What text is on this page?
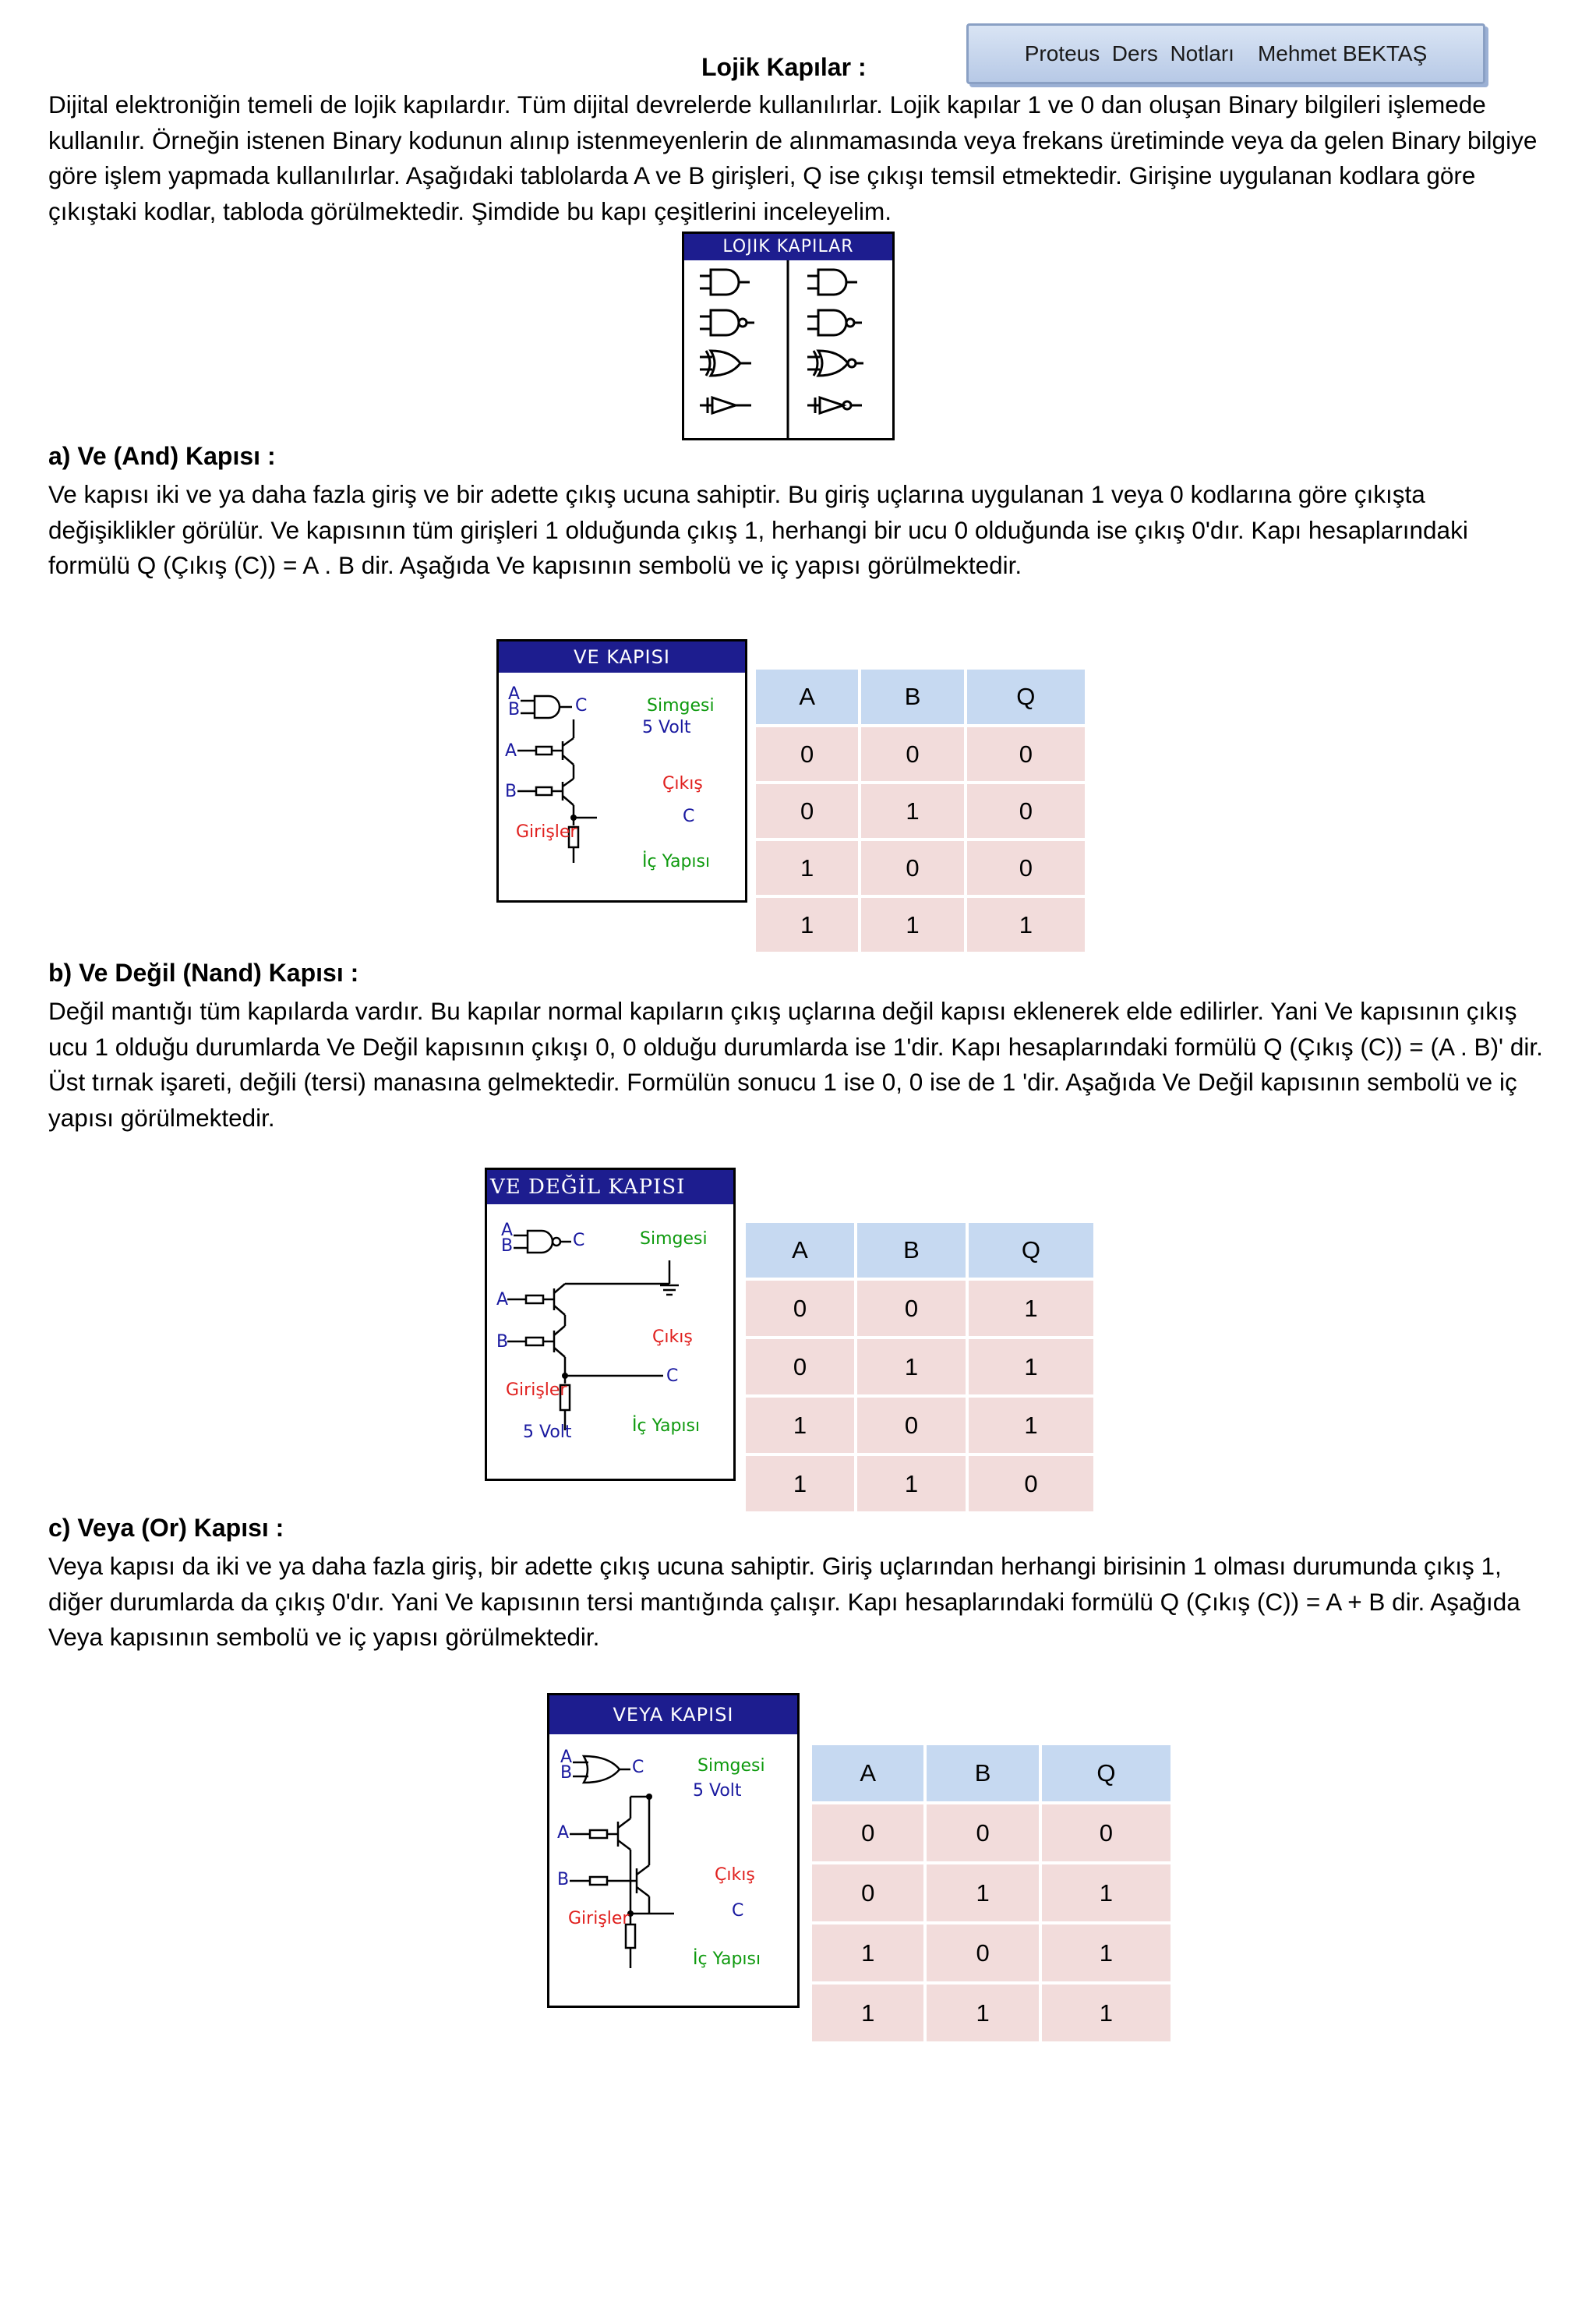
Proteus  Ders  Notları Mehmet BEKTAŞ
Lojik Kapılar :

Dijital elektroniğin temeli de lojik kapılardır. Tüm dijital devrelerde kullanılırlar. Lojik kapılar 1 ve 0 dan oluşan Binary bilgileri işlemede kullanılır. Örneğin istenen Binary kodunun alınıp istenmeyenlerin de alınmamasında veya frekans üretiminde veya da gelen Binary bilgiye göre işlem yapmada kullanılırlar. Aşağıdaki tablolarda A ve B girişleri, Q ise çıkışı temsil etmektedir. Girişine uygulanan kodlara göre çıkıştaki kodlar, tabloda görülmektedir. Şimdide bu kapı çeşitlerini inceleyelim.

LOJIK KAPILAR
a) Ve (And) Kapısı :

Ve kapısı iki ve ya daha fazla giriş ve bir adette çıkış ucuna sahiptir. Bu giriş uçlarına uygulanan 1 veya 0 kodlarına göre çıkışta değişiklikler görülür. Ve kapısının tüm girişleri 1 olduğunda çıkış 1, herhangi bir ucu 0 olduğunda ise çıkış 0'dır. Kapı hesaplarındaki formülü Q (Çıkış (C)) = A . B dir. Aşağıda Ve kapısının sembolü ve iç yapısı görülmektedir.

VE KAPISI
A
B	C	Simgesi
5 Volt
A
B	Çıkış
C
Girişler
İç Yapısı
A	B	Q
0	0	0
0	1	0
1	0	0
1	1	1
b) Ve Değil (Nand) Kapısı :

Değil mantığı tüm kapılarda vardır. Bu kapılar normal kapıların çıkış uçlarına değil kapısı eklenerek elde edilirler. Yani Ve kapısının çıkış ucu 1 olduğu durumlarda Ve Değil kapısının çıkışı 0, 0 olduğu durumlarda ise 1'dir. Kapı hesaplarındaki formülü Q (Çıkış (C)) = (A . B)' dir. Üst tırnak işareti, değili (tersi) manasına gelmektedir. Formülün sonucu 1 ise 0, 0 ise de 1 'dir. Aşağıda Ve Değil kapısının sembolü ve iç yapısı görülmektedir.

VE DEĞİL KAPISI
A
B	C	Simgesi
A
B	Çıkış
C
Girişler
İç Yapısı
5 Volt
A	B	Q
0	0	1
0	1	1
1	0	1
1	1	0
c) Veya (Or) Kapısı :

Veya kapısı da iki ve ya daha fazla giriş, bir adette çıkış ucuna sahiptir. Giriş uçlarından herhangi birisinin 1 olması durumunda çıkış 1, diğer durumlarda da çıkış 0'dır. Yani Ve kapısının tersi mantığında çalışır. Kapı hesaplarındaki formülü Q (Çıkış (C)) = A + B dir. Aşağıda Veya kapısının sembolü ve iç yapısı görülmektedir.

VEYA KAPISI
A
B	C	Simgesi
5 Volt
A
B	Çıkış
C
Girişler
İç Yapısı
A	B	Q
0	0	0
0	1	1
1	0	1
1	1	1
